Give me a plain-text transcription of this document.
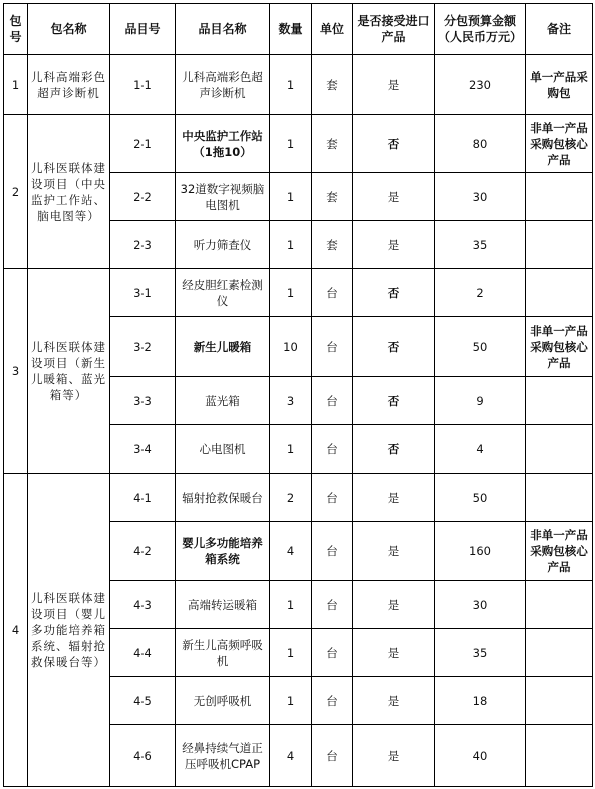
包号	包名称	品目号	品目名称	数量	单位	是否接受进口产品	分包预算金额（人民币万元）	备注
1	儿科高端彩色超声诊断机	1-1	儿科高端彩色超声诊断机	1	套	是	230	单一产品采购包
2	儿科医联体建设项目（中央监护工作站、脑电图等）	2-1	中央监护工作站（1拖10）	1	套	否	80	非单一产品采购包核心产品
		2-2	32道数字视频脑电图机	1	套	是	30	
		2-3	听力筛查仪	1	套	是	35	
3	儿科医联体建设项目（新生儿暖箱、蓝光箱等）	3-1	经皮胆红素检测仪	1	台	否	2	
		3-2	新生儿暖箱	10	台	否	50	非单一产品采购包核心产品
		3-3	蓝光箱	3	台	否	9	
		3-4	心电图机	1	台	否	4	
4	儿科医联体建设项目（婴儿多功能培养箱系统、辐射抢救保暖台等）	4-1	辐射抢救保暖台	2	台	是	50	
		4-2	婴儿多功能培养箱系统	4	台	是	160	非单一产品采购包核心产品
		4-3	高端转运暖箱	1	台	是	30	
		4-4	新生儿高频呼吸机	1	台	是	35	
		4-5	无创呼吸机	1	台	是	18	
		4-6	经鼻持续气道正压呼吸机CPAP	4	台	是	40	
